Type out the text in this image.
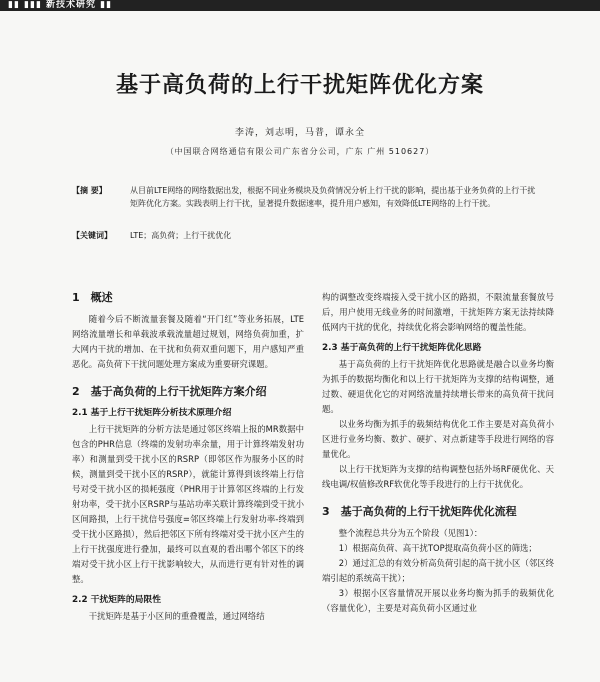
▮▮ ▮▮▮ 新技术研究 ▮▮
基于高负荷的上行干扰矩阵优化方案
李涛，刘志明，马普，谭永全
（中国联合网络通信有限公司广东省分公司，广东 广州 510627）
【摘 要】	从目前LTE网络的网络数据出发，根据不同业务模块及负荷情况分析上行干扰的影响，提出基于业务负荷的上行干扰矩阵优化方案。实践表明上行干扰，显著提升数据速率，提升用户感知，有效降低LTE网络的上行干扰。
【关键词】	LTE；高负荷；上行干扰优化
1　概述

随着今后不断流量套餐及随着“开门红”等业务拓展，LTE网络流量增长和单载波承载流量超过规划，网络负荷加重，扩大网内干扰的增加、在干扰和负荷双重问题下，用户感知严重恶化。高负荷下干扰问题处理方案成为重要研究课题。

2　基于高负荷的上行干扰矩阵方案介绍
2.1 基于上行干扰矩阵分析技术原理介绍

上行干扰矩阵的分析方法是通过邻区终端上报的MR数据中包含的PHR信息（终端的发射功率余量，用于计算终端发射功率）和测量到受干扰小区的RSRP（即邻区作为服务小区的时候，测量到受干扰小区的RSRP），就能计算得到该终端上行信号对受干扰小区的损耗强度（PHR用于计算邻区终端的上行发射功率，受干扰小区RSRP与基站功率关联计算终端到受干扰小区间路损，上行干扰信号强度=邻区终端上行发射功率-终端到受干扰小区路损），然后把邻区下所有终端对受干扰小区产生的上行干扰强度进行叠加，最终可以直观的看出哪个邻区下的终端对受干扰小区上行干扰影响较大，从而进行更有针对性的调整。

2.2 干扰矩阵的局限性

干扰矩阵是基于小区间的重叠覆盖，通过网络结

构的调整改变终端接入受干扰小区的路损，不限流量套餐放号后，用户使用无线业务的时间激增，干扰矩阵方案无法持续降低网内干扰的优化，持续优化将会影响网络的覆盖性能。

2.3 基于高负荷的上行干扰矩阵优化思路

基于高负荷的上行干扰矩阵优化思路就是融合以业务均衡为抓手的数据均衡化和以上行干扰矩阵为支撑的结构调整，通过数、硬退优化它的对网络流量持续增长带来的高负荷干扰问题。

以业务均衡为抓手的载频结构优化工作主要是对高负荷小区进行业务均衡、数扩、硬扩、对点新建等手段进行网络的容量优化。

以上行干扰矩阵为支撑的结构调整包括外场RF硬优化、天线电调/权值修改RF软优化等手段进行的上行干扰优化。

3　基于高负荷的上行干扰矩阵优化流程

整个流程总共分为五个阶段（见图1）：

1）根据高负荷、高干扰TOP提取高负荷小区的筛选；

2）通过汇总的有效分析高负荷引起的高干扰小区（邻区终端引起的系统高干扰）；

3）根据小区容量情况开展以业务均衡为抓手的载频优化（容量优化），主要是对高负荷小区通过业
